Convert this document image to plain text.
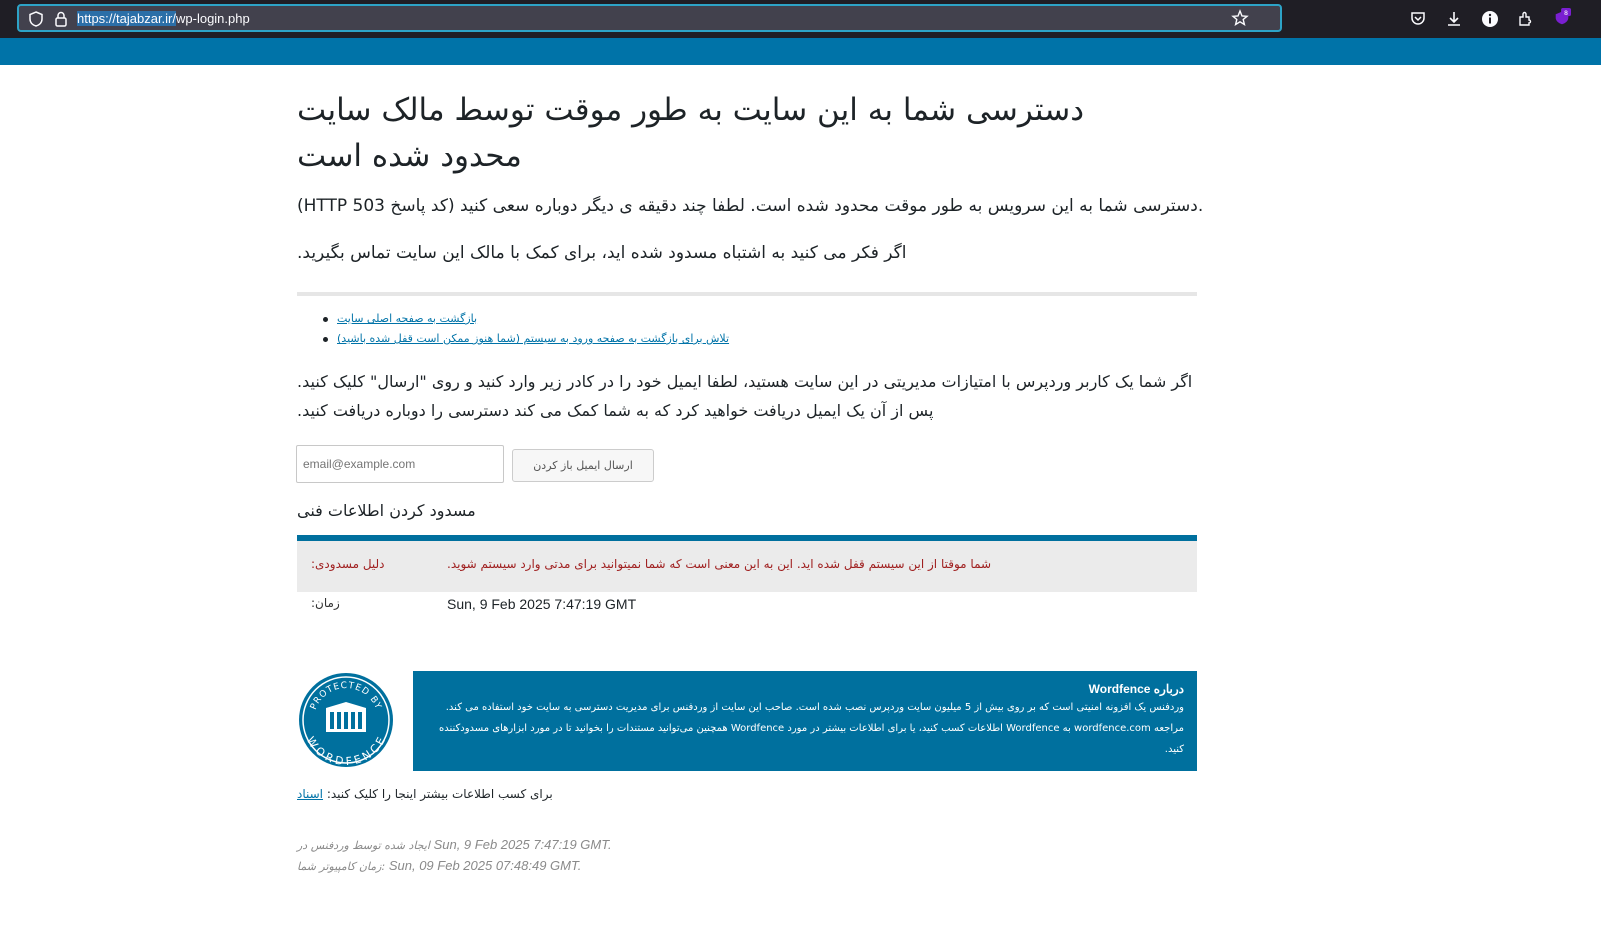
https://tajabzar.ir/wp-login.php	8
دسترسی شما به این سایت به طور موقت توسط مالک سایت محدود شده است
(HTTP کد پاسخ 503) دسترسی شما به این سرویس به طور موقت محدود شده است. لطفا چند دقیقه ی دیگر دوباره سعی کنید.
اگر فکر می کنید به اشتباه مسدود شده اید، برای کمک با مالک این سایت تماس بگیرید.
بازگشت به صفحه اصلی سایت
تلاش برای بازگشت به صفحه ورود به سیستم (شما هنوز ممکن است قفل شده باشید)
اگر شما یک کاربر وردپرس با امتیازات مدیریتی در این سایت هستید، لطفا ایمیل خود را در کادر زیر وارد کنید و روی "ارسال" کلیک کنید. پس از آن یک ایمیل دریافت خواهید کرد که به شما کمک می کند دسترسی را دوباره دریافت کنید.
email@example.com
ارسال ایمیل باز کردن
مسدود کردن اطلاعات فنی
دلیل مسدودی:	شما موقتا از این سیستم قفل شده اید. این به این معنی است که شما نمیتوانید برای مدتی وارد سیستم شوید.
زمان:	Sun, 9 Feb 2025 7:47:19 GMT
PROTECTED BY
WORDFENCE
درباره Wordfence
وردفنس یک افزونه امنیتی است که بر روی بیش از 5 میلیون سایت وردپرس نصب شده است. صاحب این سایت از وردفنس برای مدیریت دسترسی به سایت خود استفاده می کند.
مراجعه wordfence.com به Wordfence اطلاعات کسب کنید، یا برای اطلاعات بیشتر در مورد Wordfence همچنین می‌توانید مستندات را بخوانید تا در مورد ابزارهای مسدودکننده کنید.
برای کسب اطلاعات بیشتر اینجا را کلیک کنید: اسناد
ایجاد شده توسط وردفنس در Sun, 9 Feb 2025 7:47:19 GMT.
زمان کامپیوتر شما: Sun, 09 Feb 2025 07:48:49 GMT.
